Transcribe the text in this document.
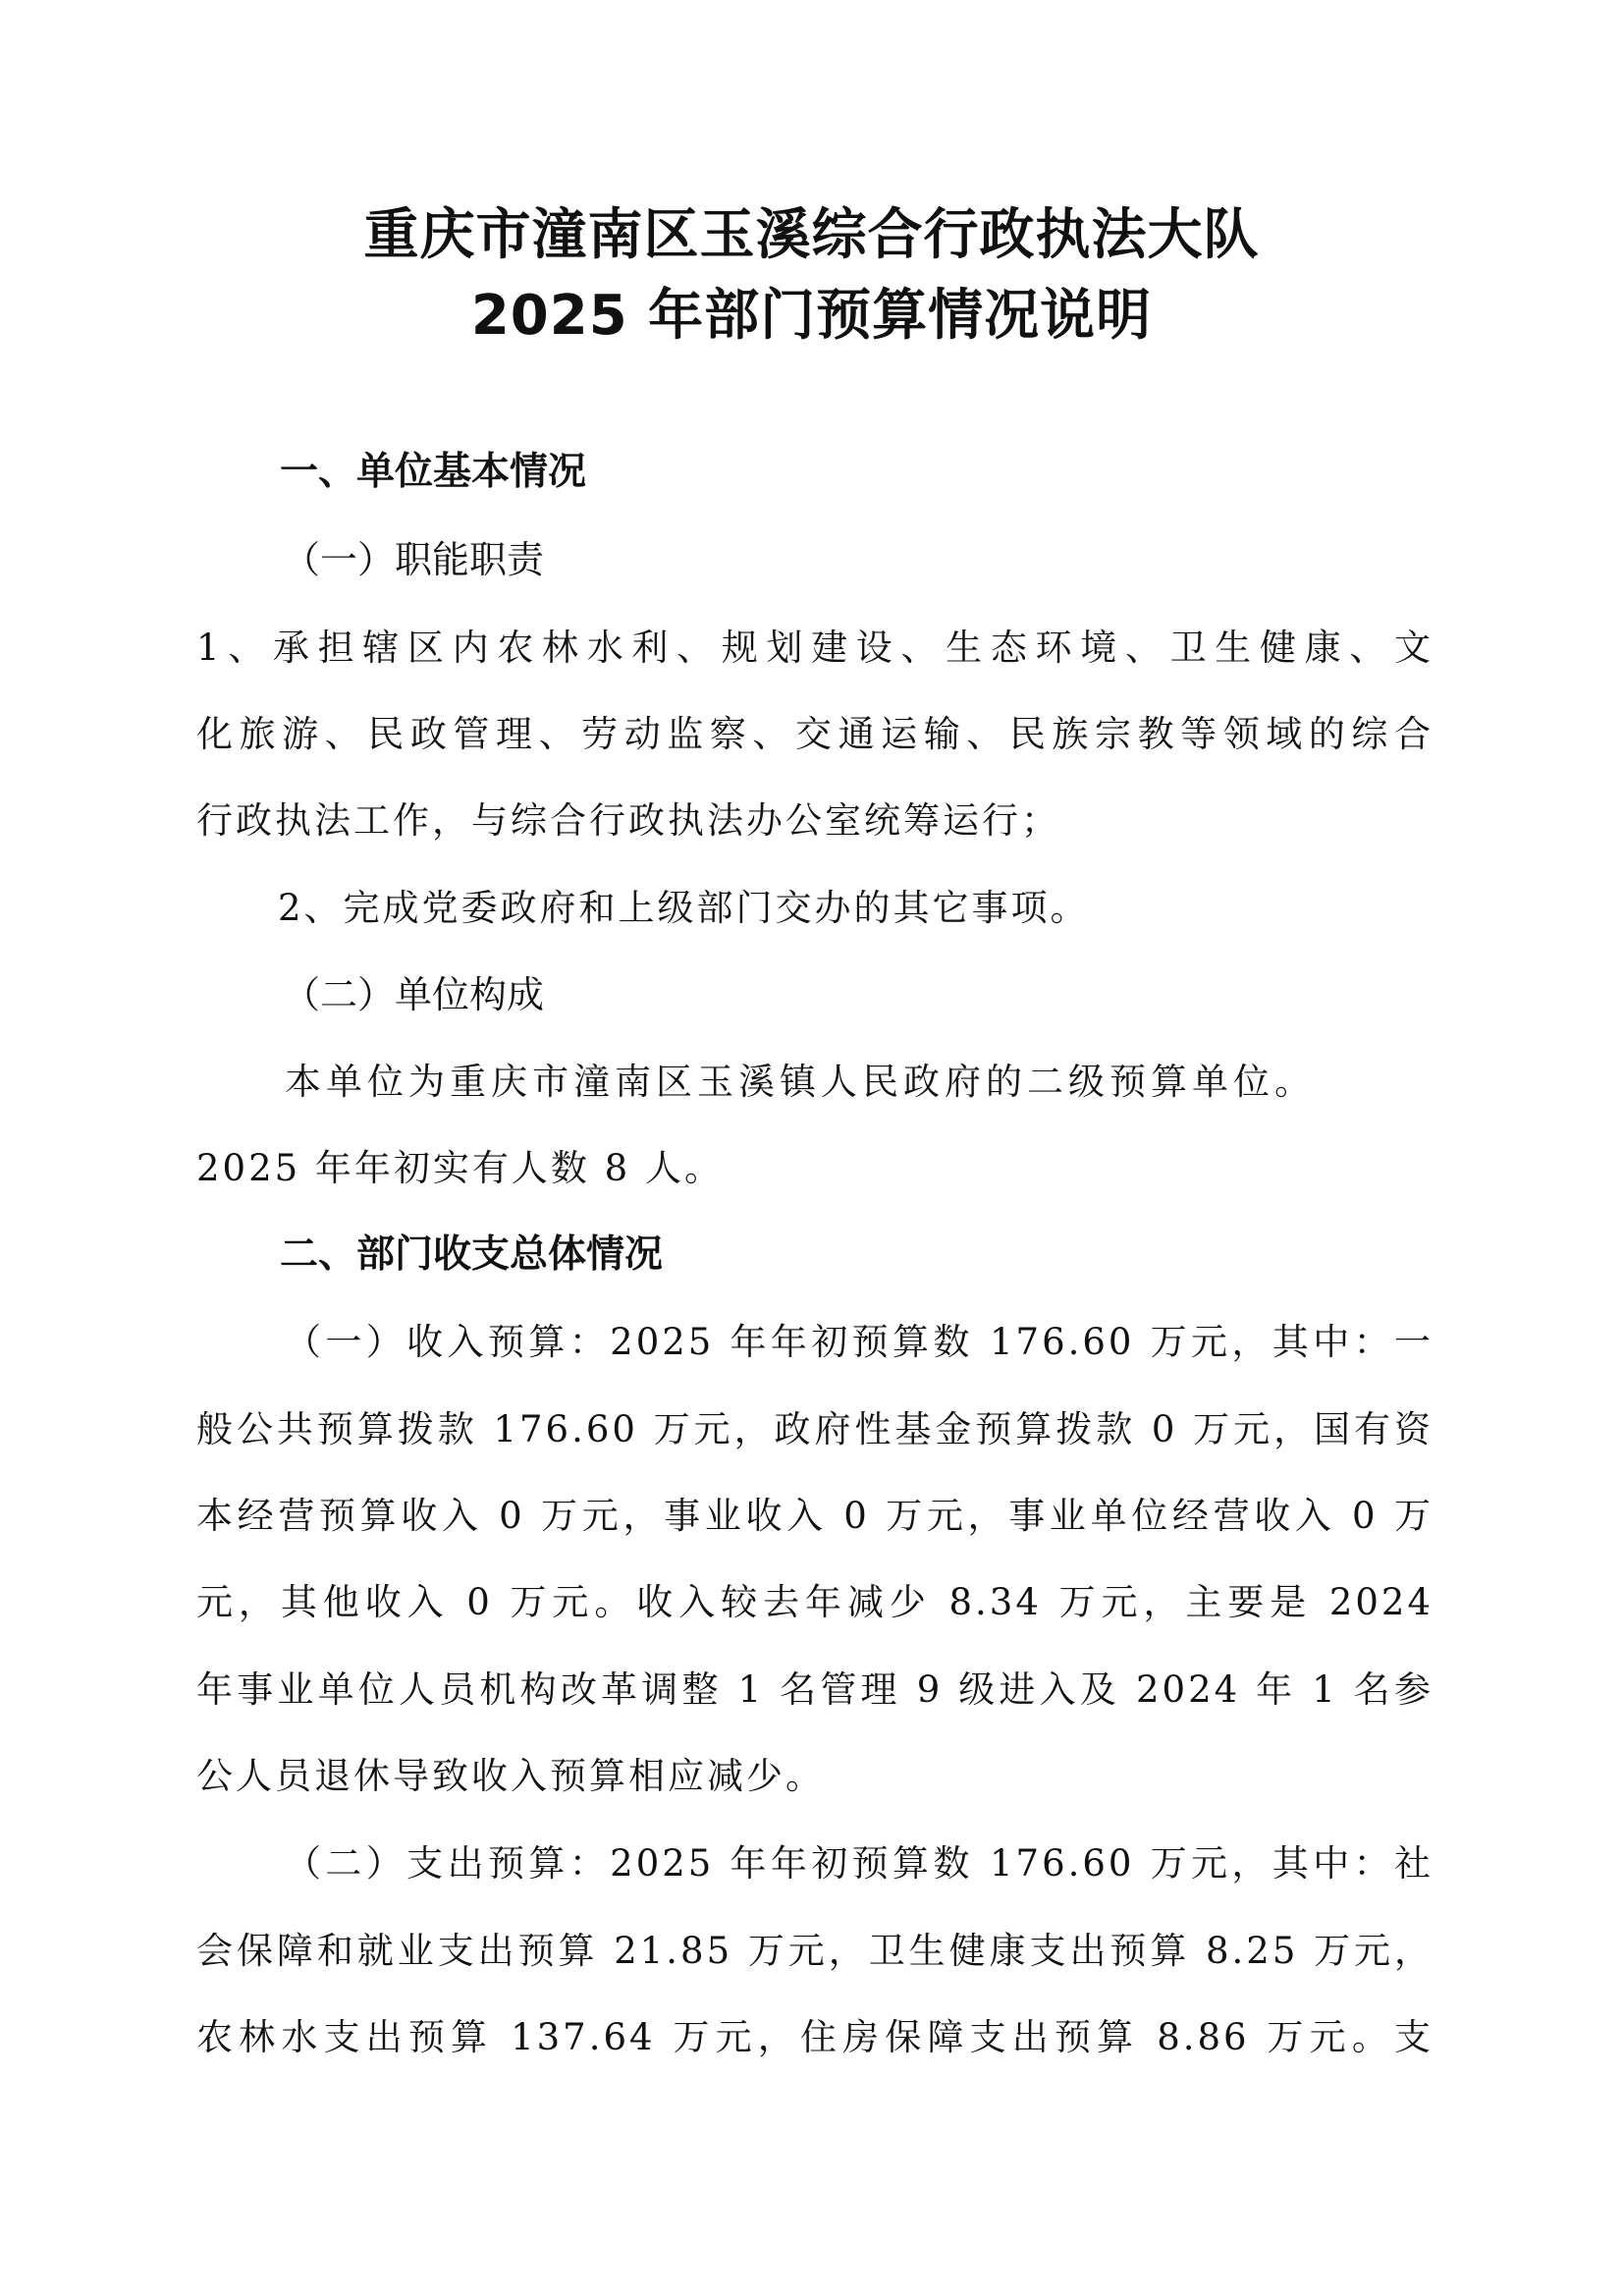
重庆市潼南区玉溪综合行政执法大队
2025 年部门预算情况说明
一、单位基本情况
（一）职能职责
1、承担辖区内农林水利、规划建设、生态环境、卫生健康、文
化旅游、民政管理、劳动监察、交通运输、民族宗教等领域的综合
行政执法工作，与综合行政执法办公室统筹运行；
2、完成党委政府和上级部门交办的其它事项。
（二）单位构成
本单位为重庆市潼南区玉溪镇人民政府的二级预算单位。
2025 年年初实有人数 8 人。
二、部门收支总体情况
（一）收入预算：2025 年年初预算数 176.60 万元，其中：一
般公共预算拨款 176.60 万元，政府性基金预算拨款 0 万元，国有资
本经营预算收入 0 万元，事业收入 0 万元，事业单位经营收入 0 万
元，其他收入 0 万元。收入较去年减少 8.34 万元，主要是 2024
年事业单位人员机构改革调整 1 名管理 9 级进入及 2024 年 1 名参
公人员退休导致收入预算相应减少。
（二）支出预算：2025 年年初预算数 176.60 万元，其中：社
会保障和就业支出预算 21.85 万元，卫生健康支出预算 8.25 万元，
农林水支出预算 137.64 万元，住房保障支出预算 8.86 万元。支
